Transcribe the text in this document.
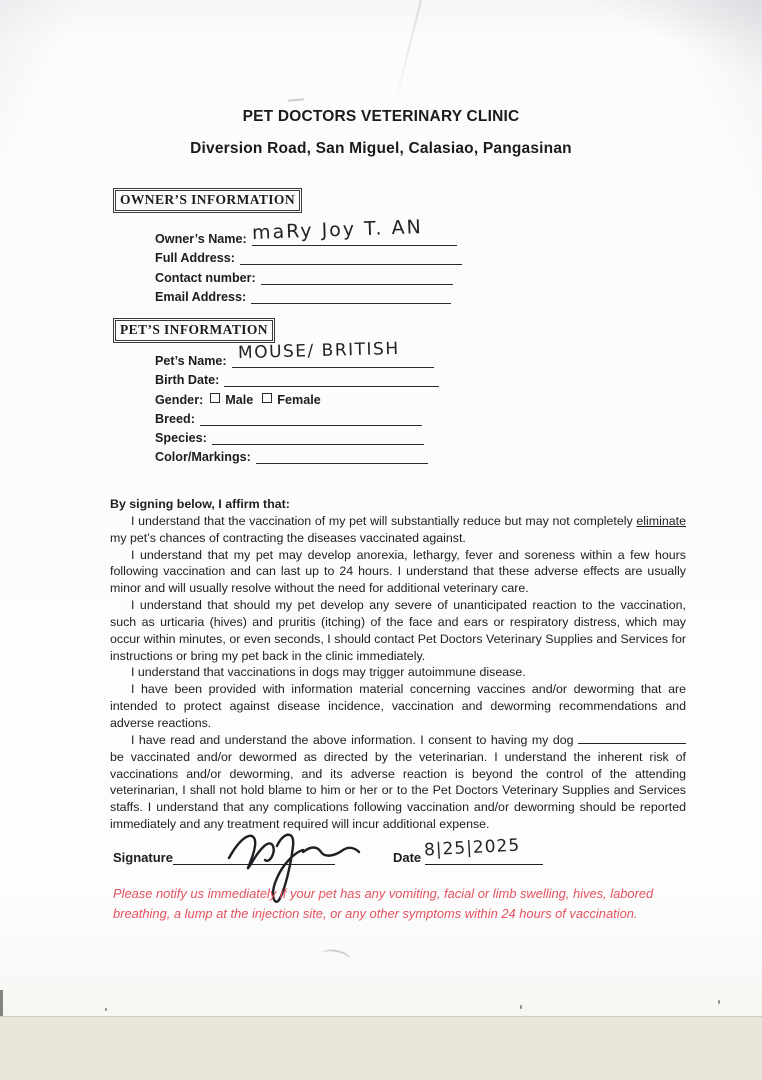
PET DOCTORS VETERINARY CLINIC
Diversion Road, San Miguel, Calasiao, Pangasinan
OWNER’S INFORMATION
Owner’s Name:
Full Address:
Contact number:
Email Address:
PET’S INFORMATION
Pet’s Name:
Birth Date:
Gender: Male Female
Breed:
Species:
Color/Markings:

By signing below, I affirm that:

I understand that the vaccination of my pet will substantially reduce but may not completely eliminate my pet’s chances of contracting the diseases vaccinated against.

I understand that my pet may develop anorexia, lethargy, fever and soreness within a few hours following vaccination and can last up to 24 hours. I understand that these adverse effects are usually minor and will usually resolve without the need for additional veterinary care.

I understand that should my pet develop any severe of unanticipated reaction to the vaccination, such as urticaria (hives) and pruritis (itching) of the face and ears or respiratory distress, which may occur within minutes, or even seconds, I should contact Pet Doctors Veterinary Supplies and Services for instructions or bring my pet back in the clinic immediately.

I understand that vaccinations in dogs may trigger autoimmune disease.

I have been provided with information material concerning vaccines and/or deworming that are intended to protect against disease incidence, vaccination and deworming recommendations and adverse reactions.

I have read and understand the above information. I consent to having my dog  be vaccinated and/or dewormed as directed by the veterinarian. I understand the inherent risk of vaccinations and/or deworming, and its adverse reaction is beyond the control of the attending veterinarian, I shall not hold blame to him or her or to the Pet Doctors Veterinary Supplies and Services staffs. I understand that any complications following vaccination and/or deworming should be reported immediately and any treatment required will incur additional expense.

Signature	Date
maRy Joy T. AN
MOUSE/ BRITISH
8|25|2025
Please notify us immediately if your pet has any vomiting, facial or limb swelling, hives, labored breathing, a lump at the injection site, or any other symptoms within 24 hours of vaccination.
